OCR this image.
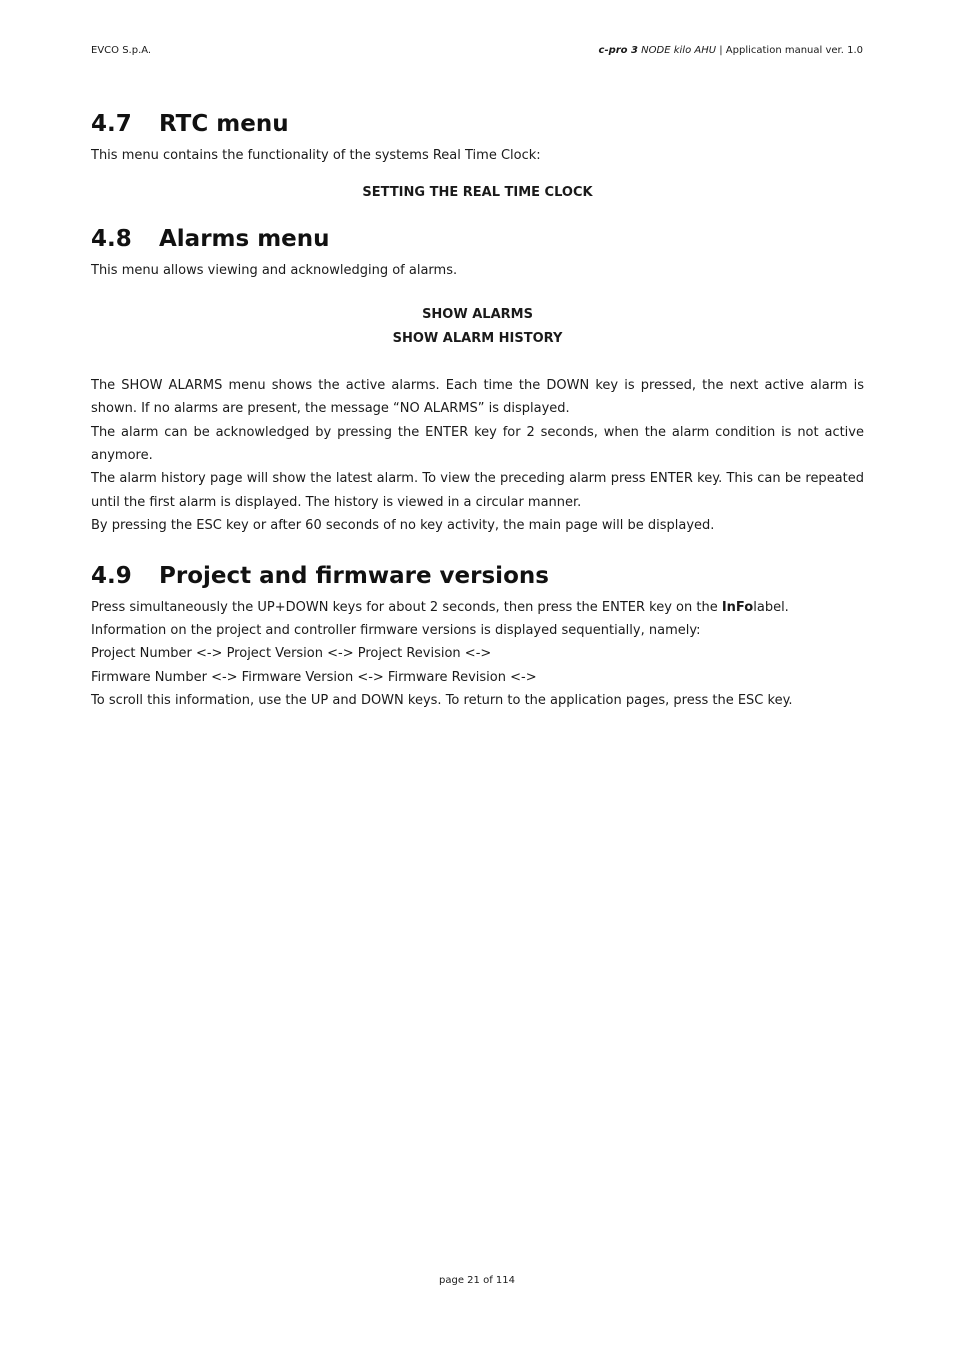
EVCO S.p.A.	c-pro 3 NODE kilo AHU | Application manual ver. 1.0
4.7 RTC menu

This menu contains the functionality of the systems Real Time Clock:

SETTING THE REAL TIME CLOCK

4.8 Alarms menu

This menu allows viewing and acknowledging of alarms.

SHOW ALARMS

SHOW ALARM HISTORY

The SHOW ALARMS menu shows the active alarms. Each time the DOWN key is pressed, the next active alarm is shown. If no alarms are present, the message “NO ALARMS” is displayed.

The alarm can be acknowledged by pressing the ENTER key for 2 seconds, when the alarm condition is not active anymore.

The alarm history page will show the latest alarm. To view the preceding alarm press ENTER key. This can be repeated until the first alarm is displayed. The history is viewed in a circular manner.

By pressing the ESC key or after 60 seconds of no key activity, the main page will be displayed.

4.9 Project and firmware versions

Press simultaneously the UP+DOWN keys for about 2 seconds, then press the ENTER key on the InFolabel.

Information on the project and controller firmware versions is displayed sequentially, namely:

Project Number <-> Project Version <-> Project Revision <->

Firmware Number <-> Firmware Version <-> Firmware Revision <->

To scroll this information, use the UP and DOWN keys. To return to the application pages, press the ESC key.

page 21 of 114
